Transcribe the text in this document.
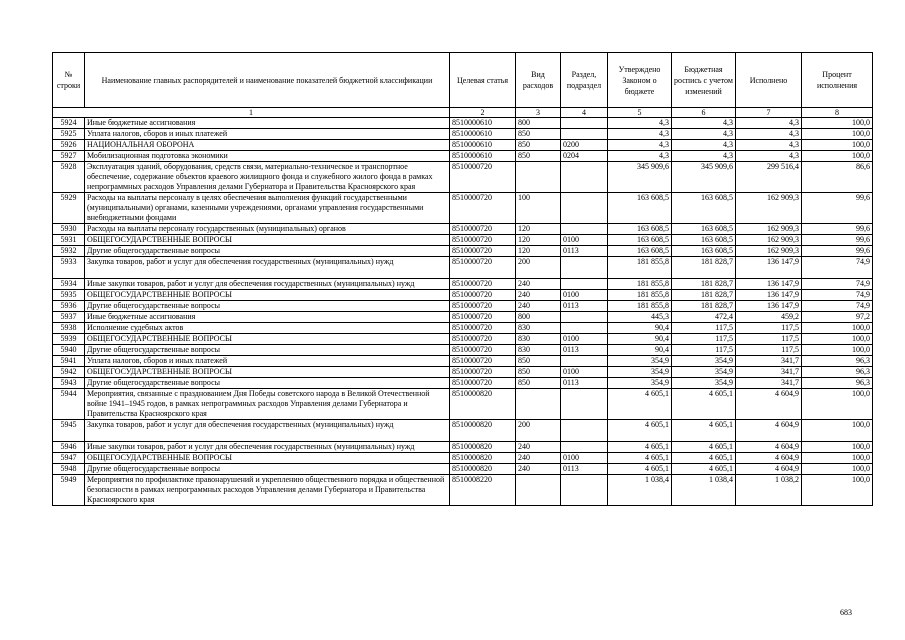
№ строки	Наименование главных распорядителей и наименование показателей бюджетной классификации	Целевая статья	Вид расходов	Раздел, подраздел	Утверждено Законом о бюджете	Бюджетная роспись с учетом изменений	Исполнено	Процент исполнения
1		2	3	4	5	6	7	8
5924	Иные бюджетные ассигнования	8510000610	800		4,3	4,3	4,3	100,0
5925	Уплата налогов, сборов и иных платежей	8510000610	850		4,3	4,3	4,3	100,0
5926	НАЦИОНАЛЬНАЯ ОБОРОНА	8510000610	850	0200	4,3	4,3	4,3	100,0
5927	Мобилизационная подготовка экономики	8510000610	850	0204	4,3	4,3	4,3	100,0
5928	Эксплуатация зданий, оборудования, средств связи, материально-техническое и транспортное обеспечение, содержание объектов краевого жилищного фонда и служебного жилого фонда в рамках непрограммных расходов Управления делами Губернатора и Правительства Красноярского края	8510000720			345 909,6	345 909,6	299 516,4	86,6
5929	Расходы на выплаты персоналу в целях обеспечения выполнения функций государственными (муниципальными) органами, казенными учреждениями, органами управления государственными внебюджетными фондами	8510000720	100		163 608,5	163 608,5	162 909,3	99,6
5930	Расходы на выплаты персоналу государственных (муниципальных) органов	8510000720	120		163 608,5	163 608,5	162 909,3	99,6
5931	ОБЩЕГОСУДАРСТВЕННЫЕ ВОПРОСЫ	8510000720	120	0100	163 608,5	163 608,5	162 909,3	99,6
5932	Другие общегосударственные вопросы	8510000720	120	0113	163 608,5	163 608,5	162 909,3	99,6
5933	Закупка товаров, работ и услуг для обеспечения государственных (муниципальных) нужд	8510000720	200		181 855,8	181 828,7	136 147,9	74,9
5934	Иные закупки товаров, работ и услуг для обеспечения государственных (муниципальных) нужд	8510000720	240		181 855,8	181 828,7	136 147,9	74,9
5935	ОБЩЕГОСУДАРСТВЕННЫЕ ВОПРОСЫ	8510000720	240	0100	181 855,8	181 828,7	136 147,9	74,9
5936	Другие общегосударственные вопросы	8510000720	240	0113	181 855,8	181 828,7	136 147,9	74,9
5937	Иные бюджетные ассигнования	8510000720	800		445,3	472,4	459,2	97,2
5938	Исполнение судебных актов	8510000720	830		90,4	117,5	117,5	100,0
5939	ОБЩЕГОСУДАРСТВЕННЫЕ ВОПРОСЫ	8510000720	830	0100	90,4	117,5	117,5	100,0
5940	Другие общегосударственные вопросы	8510000720	830	0113	90,4	117,5	117,5	100,0
5941	Уплата налогов, сборов и иных платежей	8510000720	850		354,9	354,9	341,7	96,3
5942	ОБЩЕГОСУДАРСТВЕННЫЕ ВОПРОСЫ	8510000720	850	0100	354,9	354,9	341,7	96,3
5943	Другие общегосударственные вопросы	8510000720	850	0113	354,9	354,9	341,7	96,3
5944	Мероприятия, связанные с празднованием Дня Победы советского народа в Великой Отечественной войне 1941–1945 годов, в рамках непрограммных расходов Управления делами Губернатора и Правительства Красноярского края	8510000820			4 605,1	4 605,1	4 604,9	100,0
5945	Закупка товаров, работ и услуг для обеспечения государственных (муниципальных) нужд	8510000820	200		4 605,1	4 605,1	4 604,9	100,0
5946	Иные закупки товаров, работ и услуг для обеспечения государственных (муниципальных) нужд	8510000820	240		4 605,1	4 605,1	4 604,9	100,0
5947	ОБЩЕГОСУДАРСТВЕННЫЕ ВОПРОСЫ	8510000820	240	0100	4 605,1	4 605,1	4 604,9	100,0
5948	Другие общегосударственные вопросы	8510000820	240	0113	4 605,1	4 605,1	4 604,9	100,0
5949	Мероприятия по профилактике правонарушений и укреплению общественного порядка и общественной безопасности в рамках непрограммных расходов Управления делами Губернатора и Правительства Красноярского края	8510008220			1 038,4	1 038,4	1 038,2	100,0
683
